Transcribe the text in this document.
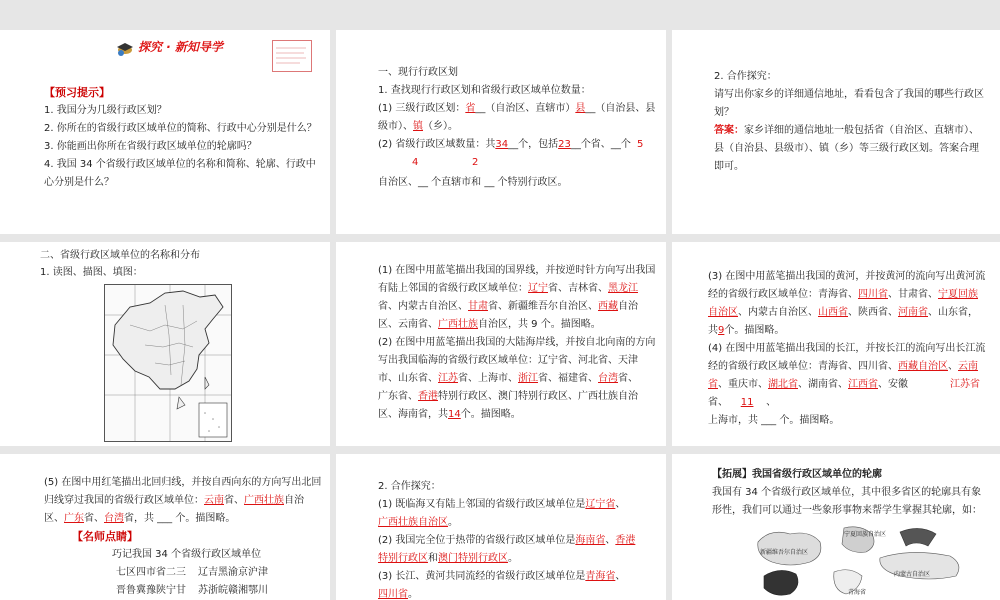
探究 · 新知导学
【预习提示】
1. 我国分为几级行政区划？
2. 你所在的省级行政区域单位的简称、行政中心分别是什么？
3. 你能画出你所在省级行政区域单位的轮廓吗？
4. 我国 34 个省级行政区域单位的名称和简称、轮廓、行政中
心分别是什么？
一、现行行政区划
1. 查找现行行政区划和省级行政区域单位数量：
(1) 三级行政区划：省__（自治区、直辖市）县__（自治县、县
级市）、镇（乡）。
(2) 省级行政区域数量：共34__个，包括23__个省、__个
4	2
5
自治区、__ 个直辖市和 __ 个特别行政区。
2. 合作探究：
请写出你家乡的详细通信地址，看看包含了我国的哪些行政区
划？
答案：家乡详细的通信地址一般包括省（自治区、直辖市）、
县（自治县、县级市）、镇（乡）等三级行政区划。答案合理
即可。
二、省级行政区域单位的名称和分布
1. 读图、描图、填图：	(1) 在图中用蓝笔描出我国的国界线，并按逆时针方向写出我国
有陆上邻国的省级行政区域单位：辽宁省、吉林省、黑龙江
省、内蒙古自治区、甘肃省、新疆维吾尔自治区、西藏自治
区、云南省、广西壮族自治区，共 9 个。描图略。
(2) 在图中用蓝笔描出我国的大陆海岸线，并按自北向南的方向
写出我国临海的省级行政区域单位：辽宁省、河北省、天津
市、山东省、江苏省、上海市、浙江省、福建省、台湾省、
广东省、香港特别行政区、澳门特别行政区、广西壮族自治
区、海南省，共14个。描图略。
(3) 在图中用蓝笔描出我国的黄河，并按黄河的流向写出黄河流
经的省级行政区域单位：青海省、四川省、甘肃省、宁夏回族
自治区、内蒙古自治区、山西省、陕西省、河南省、山东省，
共9个。描图略。
(4) 在图中用蓝笔描出我国的长江，并按长江的流向写出长江流
经的省级行政区域单位：青海省、四川省、西藏自治区、云南
省、重庆市、湖北省、湖南省、江西省、安徽	江苏省
省、 11 、
上海市，共 ___ 个。描图略。
(5) 在图中用红笔描出北回归线，并按自西向东的方向写出北回
归线穿过我国的省级行政区域单位：云南省、广西壮族自治
区、广东省、台湾省，共 ___ 个。描图略。
【名师点睛】
巧记我国 34 个省级行政区域单位
七区四市省二三 辽吉黑渝京沪津
晋鲁冀豫陕宁甘 苏浙皖赣湘鄂川
2. 合作探究：
(1) 既临海又有陆上邻国的省级行政区域单位是辽宁省、
广西壮族自治区。
(2) 我国完全位于热带的省级行政区域单位是海南省、香港
特别行政区和澳门特别行政区。
(3) 长江、黄河共同流经的省级行政区域单位是青海省、
四川省。
【拓展】我国省级行政区域单位的轮廓
我国有 34 个省级行政区域单位，其中很多省区的轮廓具有象
形性，我们可以通过一些象形事物来帮学生掌握其轮廓，如：
新疆维吾尔自治区
宁夏回族自治区
内蒙古自治区
青海省
